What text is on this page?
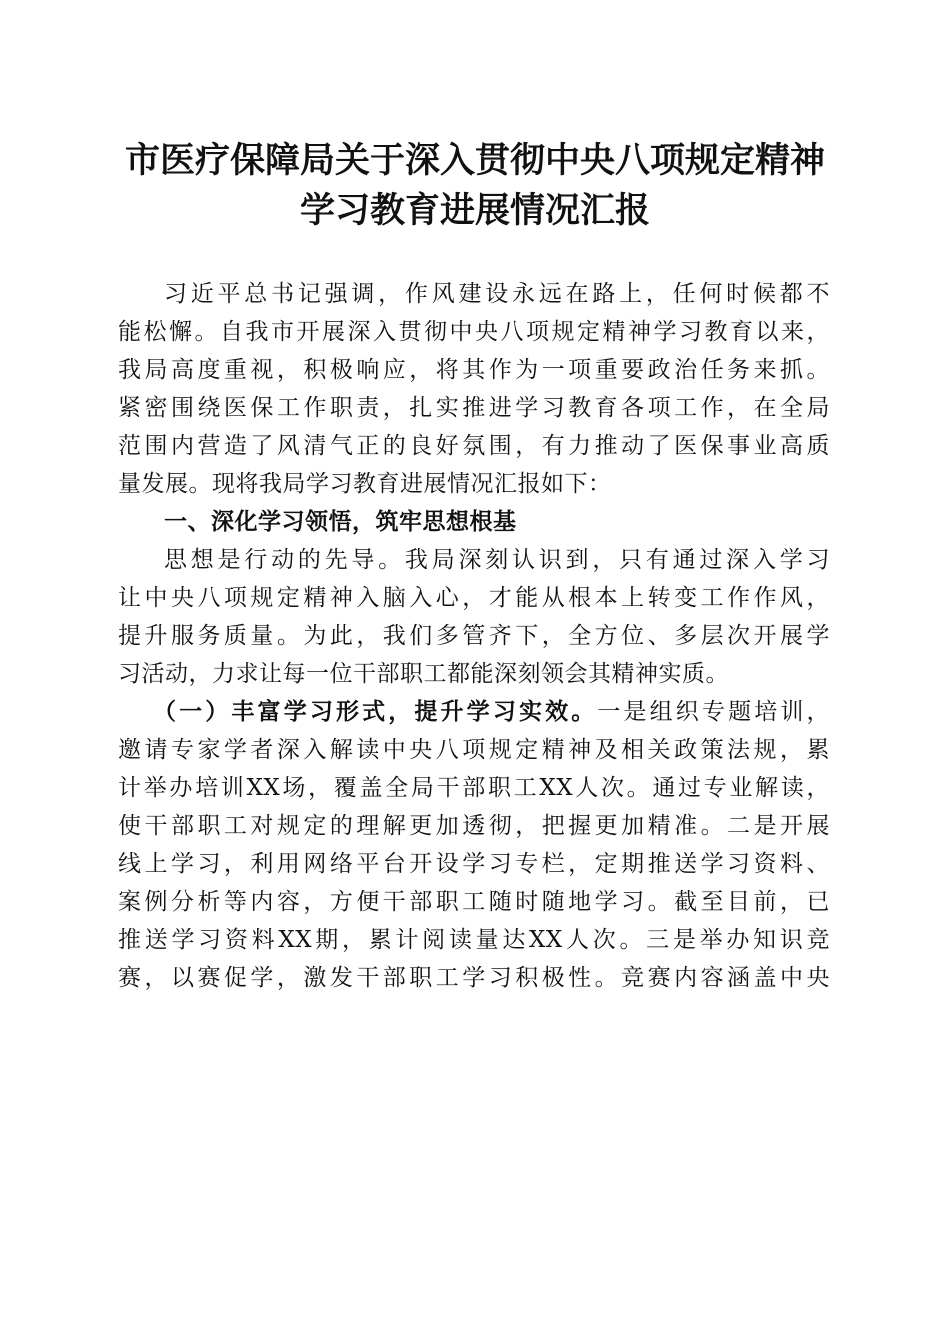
市医疗保障局关于深入贯彻中央八项规定精神
学习教育进展情况汇报
习近平总书记强调，作风建设永远在路上，任何时候都不
能松懈。自我市开展深入贯彻中央八项规定精神学习教育以来，
我局高度重视，积极响应，将其作为一项重要政治任务来抓。
紧密围绕医保工作职责，扎实推进学习教育各项工作，在全局
范围内营造了风清气正的良好氛围，有力推动了医保事业高质
量发展。现将我局学习教育进展情况汇报如下：
一、深化学习领悟，筑牢思想根基
思想是行动的先导。我局深刻认识到，只有通过深入学习
让中央八项规定精神入脑入心，才能从根本上转变工作作风，
提升服务质量。为此，我们多管齐下，全方位、多层次开展学
习活动，力求让每一位干部职工都能深刻领会其精神实质。
（一）丰富学习形式，提升学习实效。一是组织专题培训，
邀请专家学者深入解读中央八项规定精神及相关政策法规，累
计举办培训XX场，覆盖全局干部职工XX人次。通过专业解读，
使干部职工对规定的理解更加透彻，把握更加精准。二是开展
线上学习，利用网络平台开设学习专栏，定期推送学习资料、
案例分析等内容，方便干部职工随时随地学习。截至目前，已
推送学习资料XX期，累计阅读量达XX人次。三是举办知识竞
赛，以赛促学，激发干部职工学习积极性。竞赛内容涵盖中央
